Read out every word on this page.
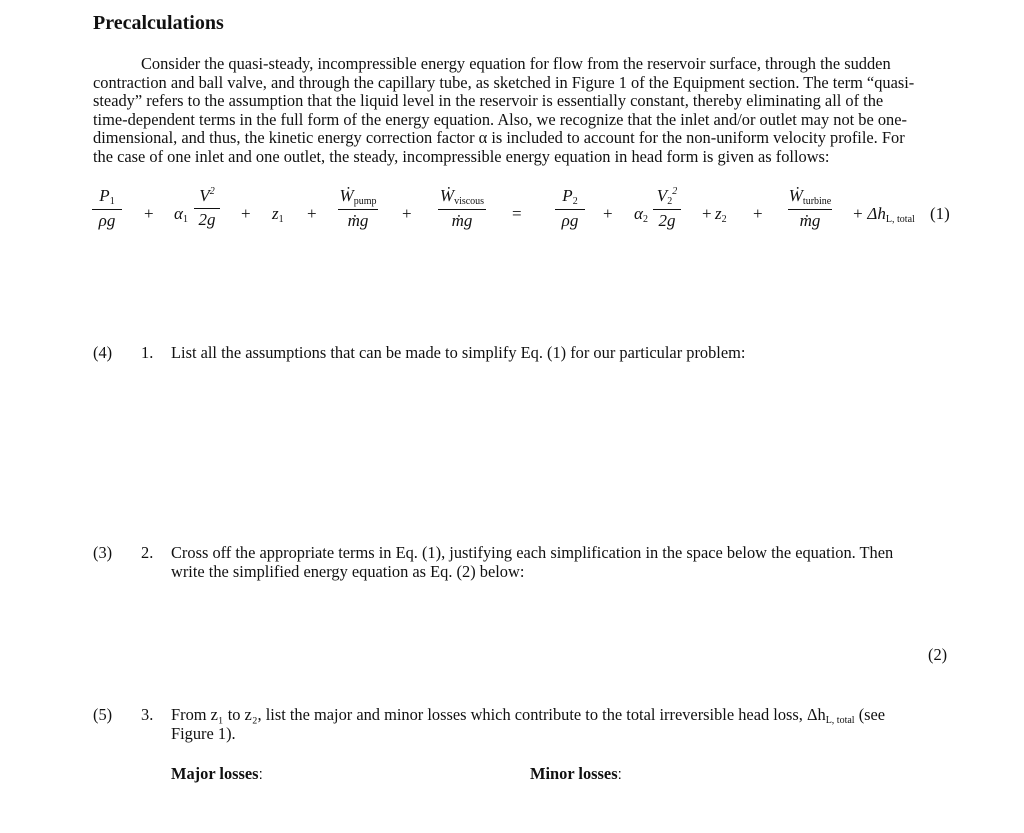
Precalculations
Consider the quasi-steady, incompressible energy equation for flow from the reservoir surface, through the sudden
contraction and ball valve, and through the capillary tube, as sketched in Figure 1 of the Equipment section. The term “quasi-
steady” refers to the assumption that the liquid level in the reservoir is essentially constant, thereby eliminating all of the
time-dependent terms in the full form of the energy equation. Also, we recognize that the inlet and/or outlet may not be one-
dimensional, and thus, the kinetic energy correction factor α is included to account for the non-uniform velocity profile. For
the case of one inlet and one outlet, the steady, incompressible energy equation in head form is given as follows:
$P_1$
ρg	+ $\alpha_1$
$V^2$
$2g + z_1$ +
Ẇ$_{pump}$
ṁg	+
Ẇ$_{viscous}$
ṁg	=
$P_2$
ρg	+ $\alpha_2$
$V_2^2$
2g	+ $z_2$ +
Ẇ$_{turbine}$
ṁg	+ $\Delta h_{L, total}$ (1)
(4) 1. List all the assumptions that can be made to simplify Eq. (1) for our particular problem:
(3) 2. Cross off the appropriate terms in Eq. (1), justifying each simplification in the space below the equation. Then
write the simplified energy equation as Eq. (2) below:
(2)
(5) 3. From z₁ to z₂, list the major and minor losses which contribute to the total irreversible head loss, $\Delta h_{L, total}$ (see
Figure 1).
Major losses:	Minor losses:
